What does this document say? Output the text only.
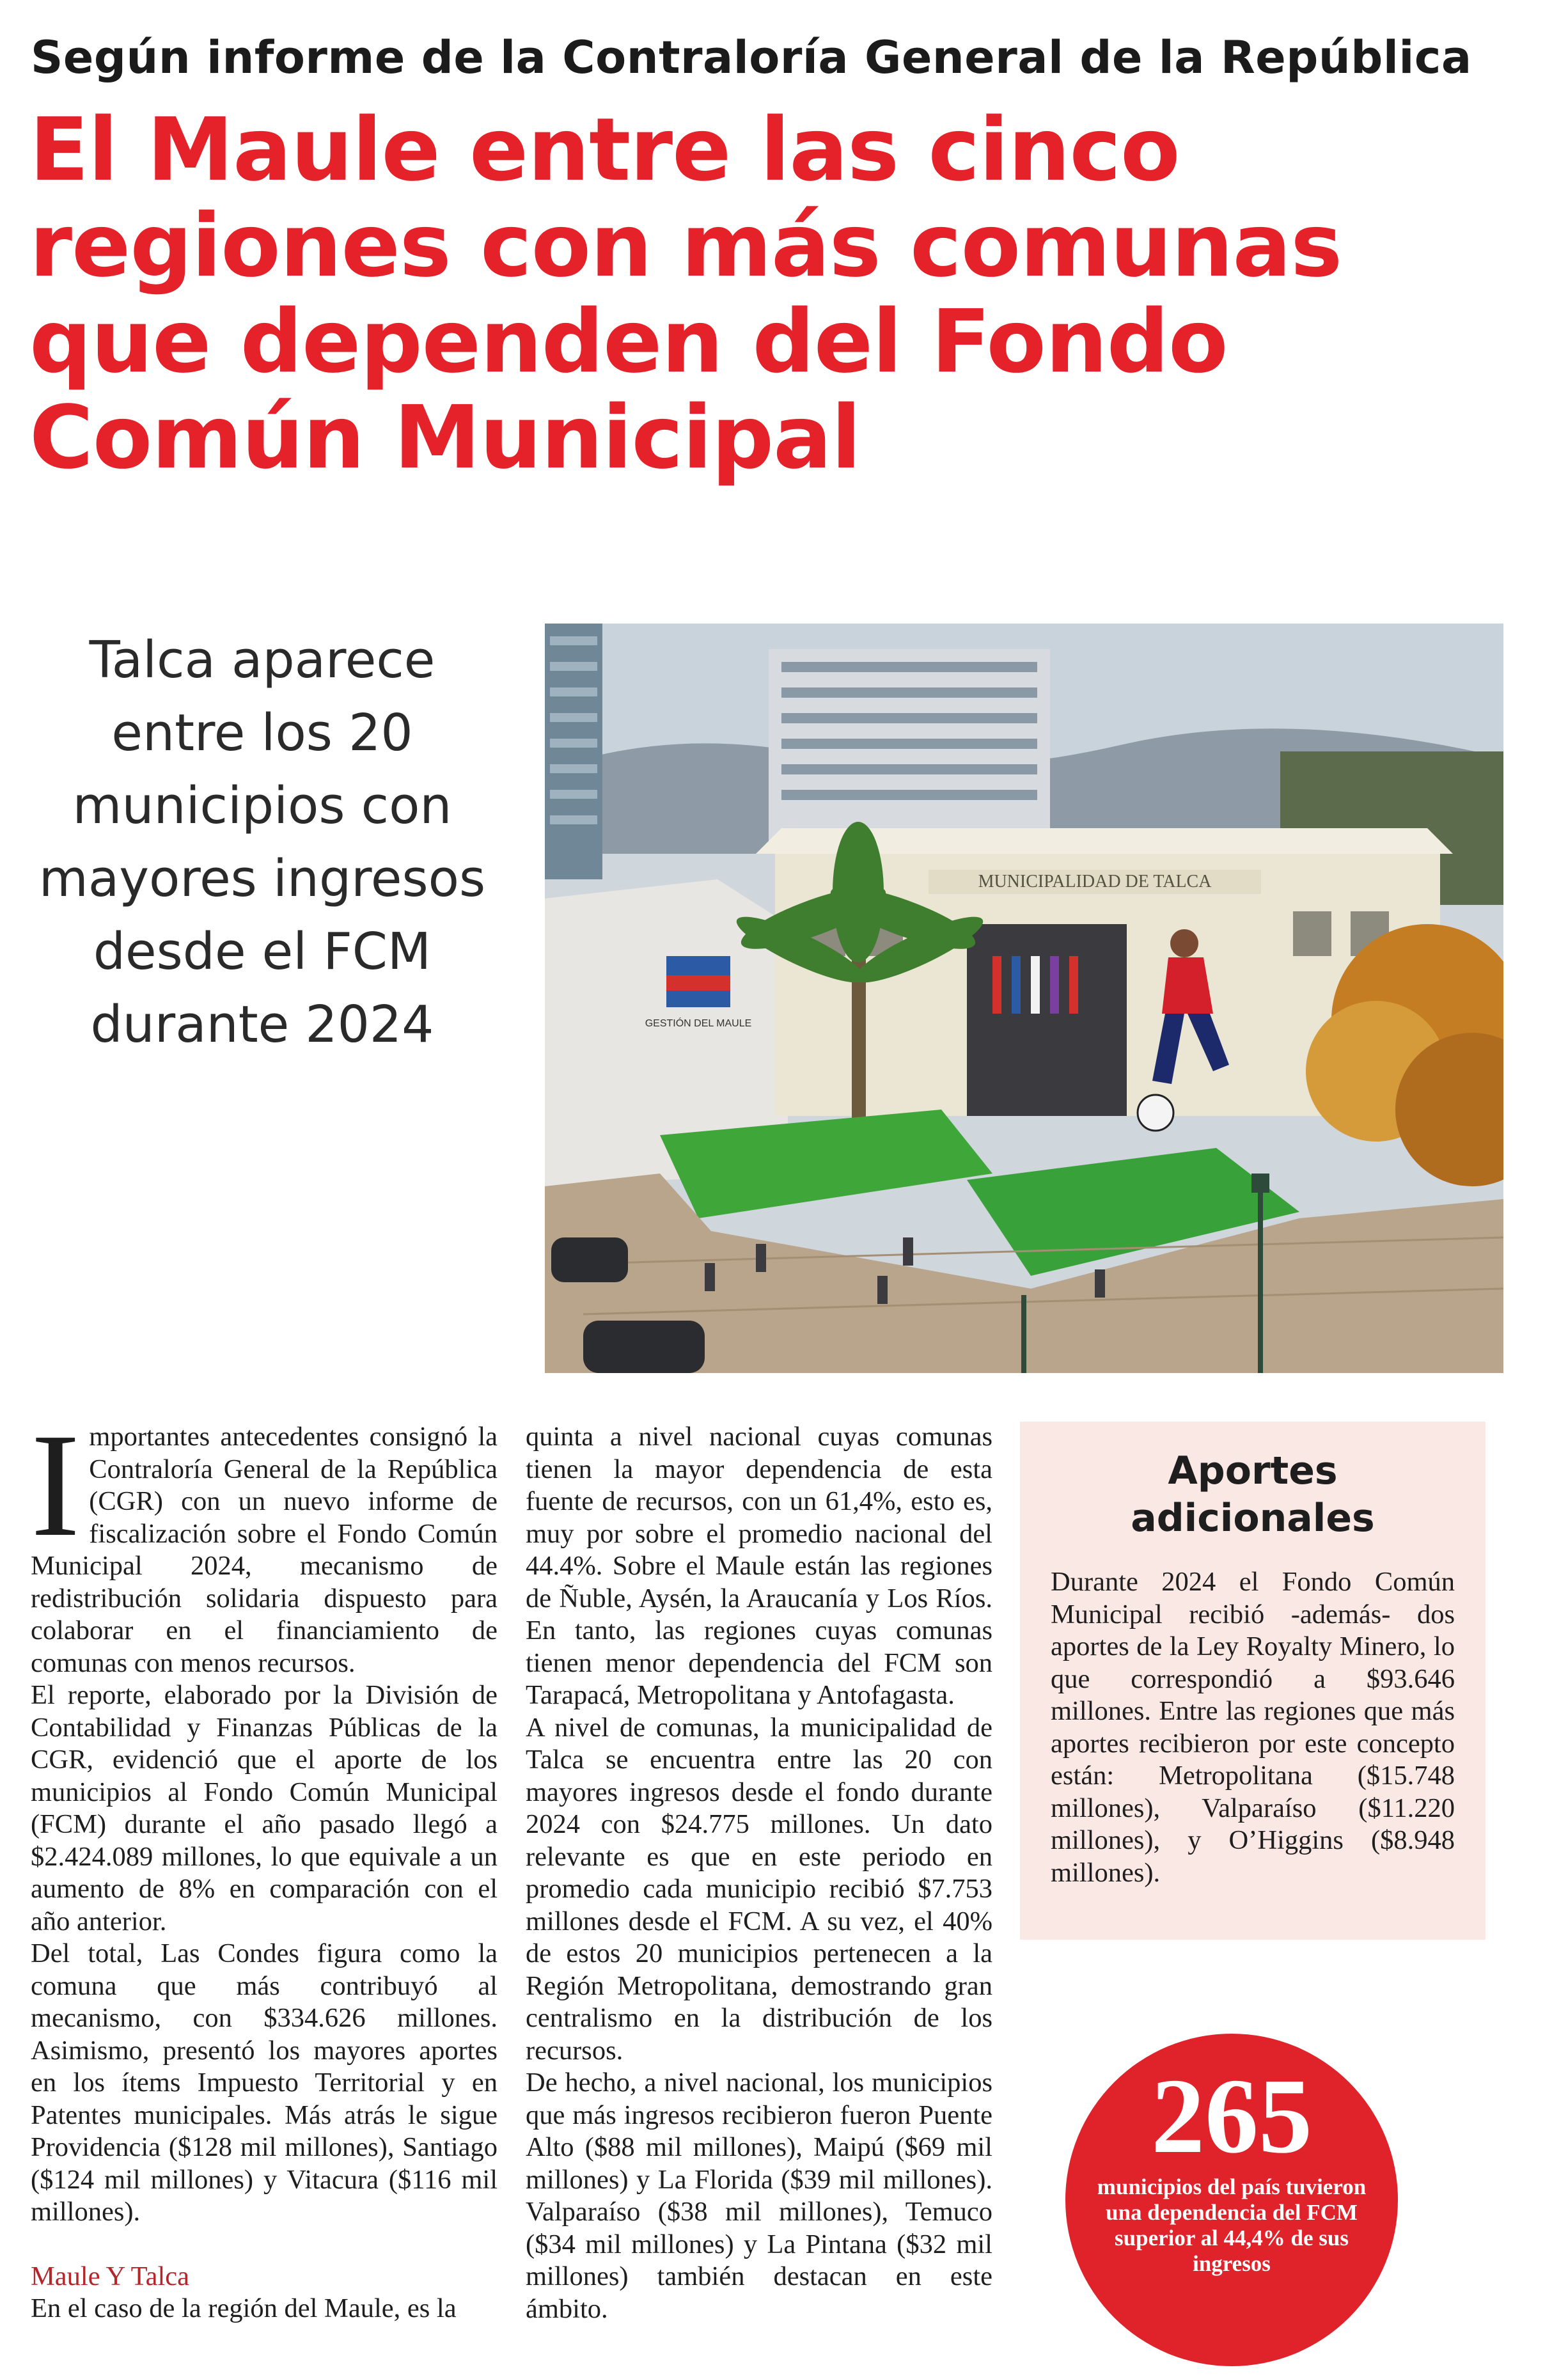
Según informe de la Contraloría General de la República
El Maule entre las cinco regiones con más comunas que dependen del Fondo Común Municipal

Talca aparece entre los 20 municipios con mayores ingresos desde el FCM durante 2024

MUNICIPALIDAD DE TALCA
GESTIÓN DEL MAULE
I mportantes antecedentes consignó la Contraloría General de la República (CGR) con un nuevo informe de fiscalización sobre el Fondo Común Municipal 2024, mecanismo de redistribución solidaria dispuesto para colaborar en el financiamiento de comunas con menos recursos.

El reporte, elaborado por la División de Contabilidad y Finanzas Públicas de la CGR, evidenció que el aporte de los municipios al Fondo Común Municipal (FCM) durante el año pasado llegó a $2.424.089 millones, lo que equivale a un aumento de 8% en comparación con el año anterior.

Del total, Las Condes figura como la comuna que más contribuyó al mecanismo, con $334.626 millones. Asimismo, presentó los mayores aportes en los ítems Impuesto Territorial y en Patentes municipales. Más atrás le sigue Providencia ($128 mil millones), Santiago ($124 mil millones) y Vitacura ($116 mil millones).

Maule Y Talca

En el caso de la región del Maule, es la

quinta a nivel nacional cuyas comunas tienen la mayor dependencia de esta fuente de recursos, con un 61,4%, esto es, muy por sobre el promedio nacional del 44.4%. Sobre el Maule están las regiones de Ñuble, Aysén, la Araucanía y Los Ríos. En tanto, las regiones cuyas comunas tienen menor dependencia del FCM son Tarapacá, Metropolitana y Antofagasta.

A nivel de comunas, la municipalidad de Talca se encuentra entre las 20 con mayores ingresos desde el fondo durante 2024 con $24.775 millones. Un dato relevante es que en este periodo en promedio cada municipio recibió $7.753 millones desde el FCM. A su vez, el 40% de estos 20 municipios pertenecen a la Región Metropolitana, demostrando gran centralismo en la distribución de los recursos.

De hecho, a nivel nacional, los municipios que más ingresos recibieron fueron Puente Alto ($88 mil millones), Maipú ($69 mil millones) y La Florida ($39 mil millones). Valparaíso ($38 mil millones), Temuco ($34 mil millones) y La Pintana ($32 mil millones) también destacan en este ámbito.

Aportes adicionales

Durante 2024 el Fondo Común Municipal recibió -además- dos aportes de la Ley Royalty Minero, lo que correspondió a $93.646 millones. Entre las regiones que más aportes recibieron por este concepto están: Metropolitana ($15.748 millones), Valparaíso ($11.220 millones), y O’Higgins ($8.948 millones).

265
municipios del país tuvieron una dependencia del FCM superior al 44,4% de sus ingresos
